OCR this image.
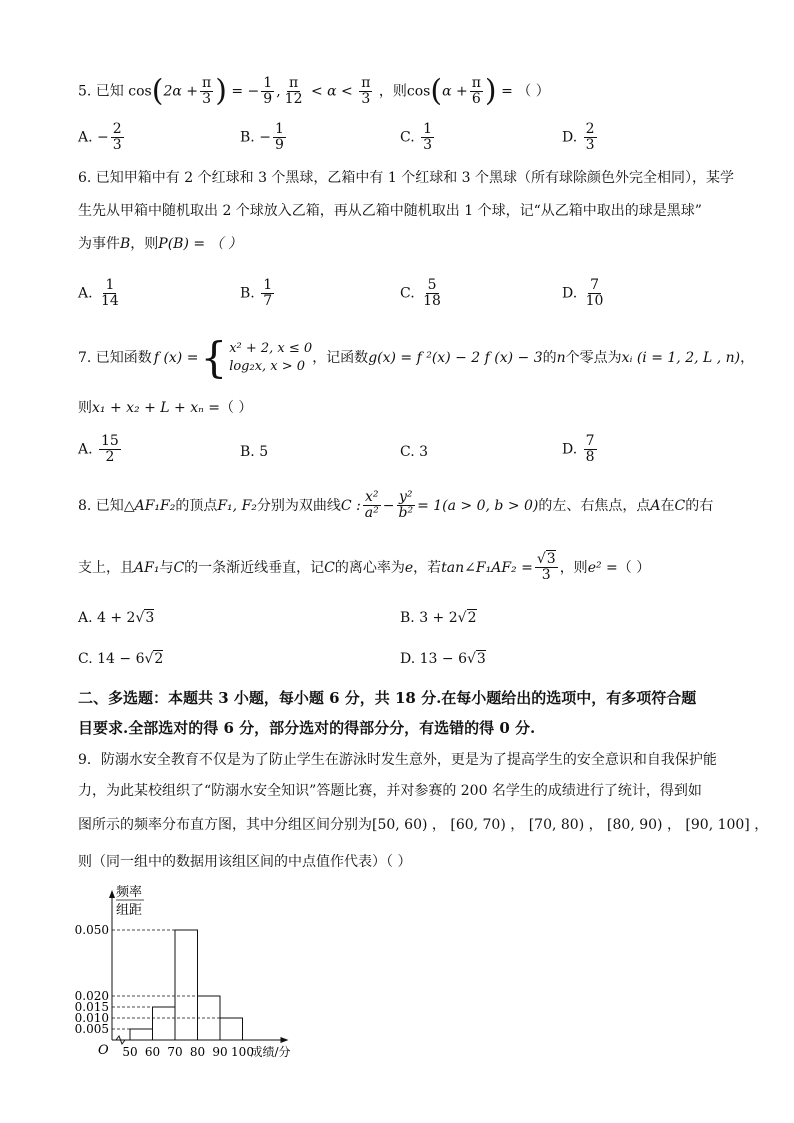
5. 已知 $\cos(2\alpha + \frac{\pi}{3}$ ) = − $\frac{1}{9}$ , $\frac{\pi}{12} < \alpha < \frac{\pi}{3}$ ，则$\cos(\alpha + \frac{\pi}{6}$ ) = （ ）
A. − $\frac{2}{3}$	B. − $\frac{1}{9}$	C. $\frac{1}{3}$	D. $\frac{2}{3}$
6. 已知甲箱中有 2 个红球和 3 个黑球，乙箱中有 1 个红球和 3 个黑球（所有球除颜色外完全相同），某学
生先从甲箱中随机取出 2 个球放入乙箱，再从乙箱中随机取出 1 个球，记“从乙箱中取出的球是黑球”
为事件B，则P(B) = （ ）
A. $\frac{1}{14}$	B. $\frac{1}{7}$	C. $\frac{5}{18}$	D. $\frac{7}{10}$
7. 已知函数 f (x) = { x² + 2, x ≤ 0
log₂x, x > 0
，记函数 g(x) = f ²(x) − 2 f (x) − 3 的 n 个零点为 xᵢ (i = 1, 2, L , n) ，
则x₁ + x₂ + L + xₙ =（ ）
A. $\frac{15}{2}$	B. 5	C. 3	D. $\frac{7}{8}$
8. 已知 △AF₁F₂ 的顶点 F₁, F₂ 分别为双曲线 C : $\frac{\text{x²}}{\text{a²}} - \frac{\text{y²}}{\text{b²}} = 1(a > 0$, b > 0) 的左、右焦点，点 A 在 C 的右
支上，且 AF₁ 与 C 的一条渐近线垂直，记 C 的离心率为 e ，若 tan∠F₁AF₂ = $\frac{√3}{3}$ ，则 e² = （ ）
A. 4 + 2√3	B. 3 + 2√2
C. 14 − 6√2	D. 13 − 6√3
二、多选题：本题共 3 小题，每小题 6 分，共 18 分.在每小题给出的选项中，有多项符合题
目要求.全部选对的得 6 分，部分选对的得部分分，有选错的得 0 分.
9．防溺水安全教育不仅是为了防止学生在游泳时发生意外，更是为了提高学生的安全意识和自我保护能
力，为此某校组织了“防溺水安全知识”答题比赛，并对参赛的 200 名学生的成绩进行了统计，得到如
图所示的频率分布直方图，其中分组区间分别为[50, 60) ， [60, 70) ， [70, 80) ， [80, 90) ， [90, 100] ，
则（同一组中的数据用该组区间的中点值作代表）（ ）
频率
组距
0.050
0.020
0.015
0.010
0.005
50 60 70 80 90 100
成绩/分
O
